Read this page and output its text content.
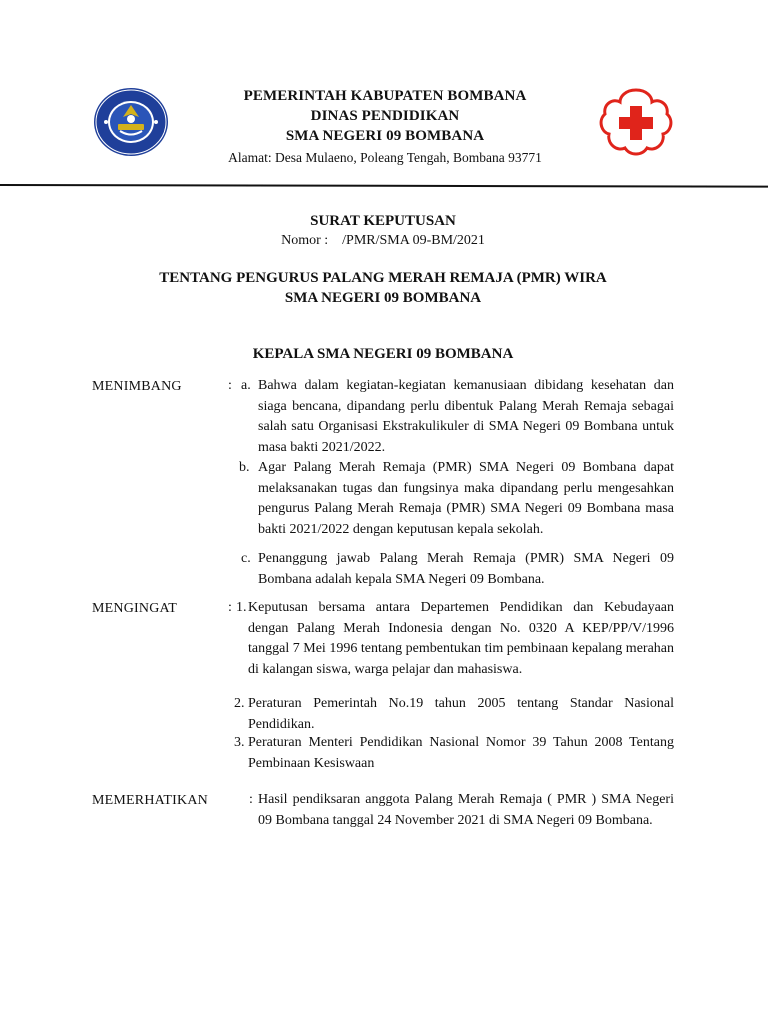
PEMERINTAH KABUPATEN BOMBANA
DINAS PENDIDIKAN
SMA NEGERI 09 BOMBANA
Alamat: Desa Mulaeno, Poleang Tengah, Bombana 93771
SURAT KEPUTUSAN
Nomor : /PMR/SMA 09-BM/2021
TENTANG PENGURUS PALANG MERAH REMAJA (PMR) WIRA
SMA NEGERI 09 BOMBANA
KEPALA SMA NEGERI 09 BOMBANA
MENIMBANG	: a. Bahwa dalam kegiatan-kegiatan kemanusiaan dibidang kesehatan dan siaga bencana, dipandang perlu dibentuk Palang Merah Remaja sebagai salah satu Organisasi Ekstrakulikuler di SMA Negeri 09 Bombana untuk masa bakti 2021/2022.
b. Agar Palang Merah Remaja (PMR) SMA Negeri 09 Bombana dapat melaksanakan tugas dan fungsinya maka dipandang perlu mengesahkan pengurus Palang Merah Remaja (PMR) SMA Negeri 09 Bombana masa bakti 2021/2022 dengan keputusan kepala sekolah.
c. Penanggung jawab Palang Merah Remaja (PMR) SMA Negeri 09 Bombana adalah kepala SMA Negeri 09 Bombana.
MENGINGAT	: 1. Keputusan bersama antara Departemen Pendidikan dan Kebudayaan dengan Palang Merah Indonesia dengan No. 0320 A KEP/PP/V/1996 tanggal 7 Mei 1996 tentang pembentukan tim pembinaan kepalang merahan di kalangan siswa, warga pelajar dan mahasiswa.
2. Peraturan Pemerintah No.19 tahun 2005 tentang Standar Nasional Pendidikan.
3. Peraturan Menteri Pendidikan Nasional Nomor 39 Tahun 2008 Tentang Pembinaan Kesiswaan
MEMERHATIKAN	: Hasil pendiksaran anggota Palang Merah Remaja ( PMR ) SMA Negeri 09 Bombana tanggal 24 November 2021 di SMA Negeri 09 Bombana.
